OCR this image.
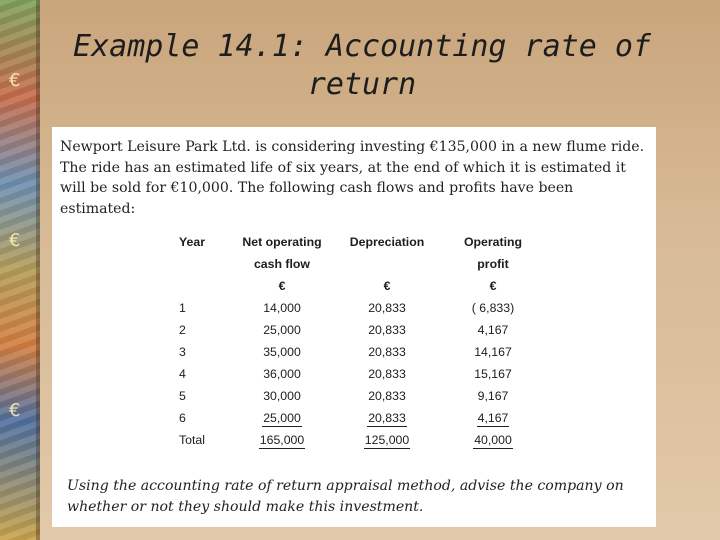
€
€
€
Example 14.1: Accounting rate of return

Newport Leisure Park Ltd. is considering investing €135,000 in a new flume ride. The ride has an estimated life of six years, at the end of which it is estimated it will be sold for €10,000. The following cash flows and profits have been estimated:

Year	Net operating	Depreciation	Operating
	cash flow		profit
	€	€	€
1	14,000	20,833	( 6,833)
2	25,000	20,833	4,167
3	35,000	20,833	14,167
4	36,000	20,833	15,167
5	30,000	20,833	9,167
6	25,000	20,833	4,167
Total	165,000	125,000	40,000

Using the accounting rate of return appraisal method, advise the company on whether or not they should make this investment.
